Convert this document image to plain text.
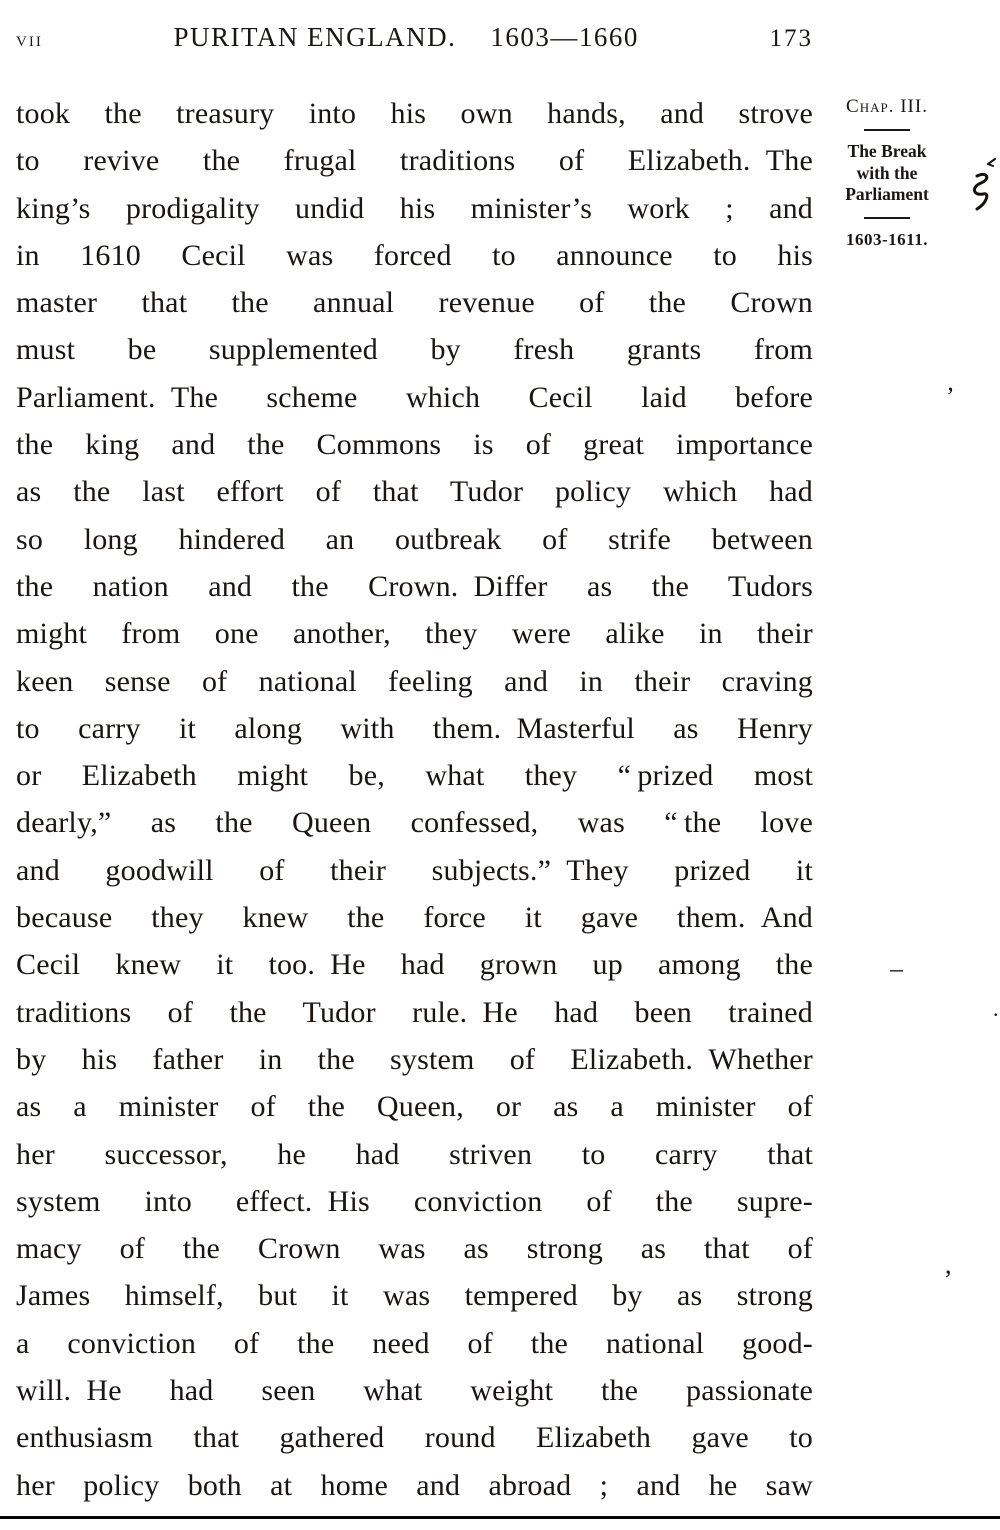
vii	PURITAN ENGLAND. 1603—1660	173
took the treasury into his own hands, and strove
to revive the frugal traditions of Elizabeth. The
king’s prodigality undid his minister’s work ; and
in 1610 Cecil was forced to announce to his
master that the annual revenue of the Crown
must be supplemented by fresh grants from
Parliament. The scheme which Cecil laid before
the king and the Commons is of great importance
as the last effort of that Tudor policy which had
so long hindered an outbreak of strife between
the nation and the Crown. Differ as the Tudors
might from one another, they were alike in their
keen sense of national feeling and in their craving
to carry it along with them. Masterful as Henry
or Elizabeth might be, what they “ prized most
dearly,” as the Queen confessed, was “ the love
and goodwill of their subjects.” They prized it
because they knew the force it gave them. And
Cecil knew it too. He had grown up among the
traditions of the Tudor rule. He had been trained
by his father in the system of Elizabeth. Whether
as a minister of the Queen, or as a minister of
her successor, he had striven to carry that
system into effect. His conviction of the supre-
macy of the Crown was as strong as that of
James himself, but it was tempered by as strong
a conviction of the need of the national good-
will. He had seen what weight the passionate
enthusiasm that gathered round Elizabeth gave to
her policy both at home and abroad ; and he saw
Chap. III.
The Break
with the
Parliament
1603-1611.
’
–
.
,
